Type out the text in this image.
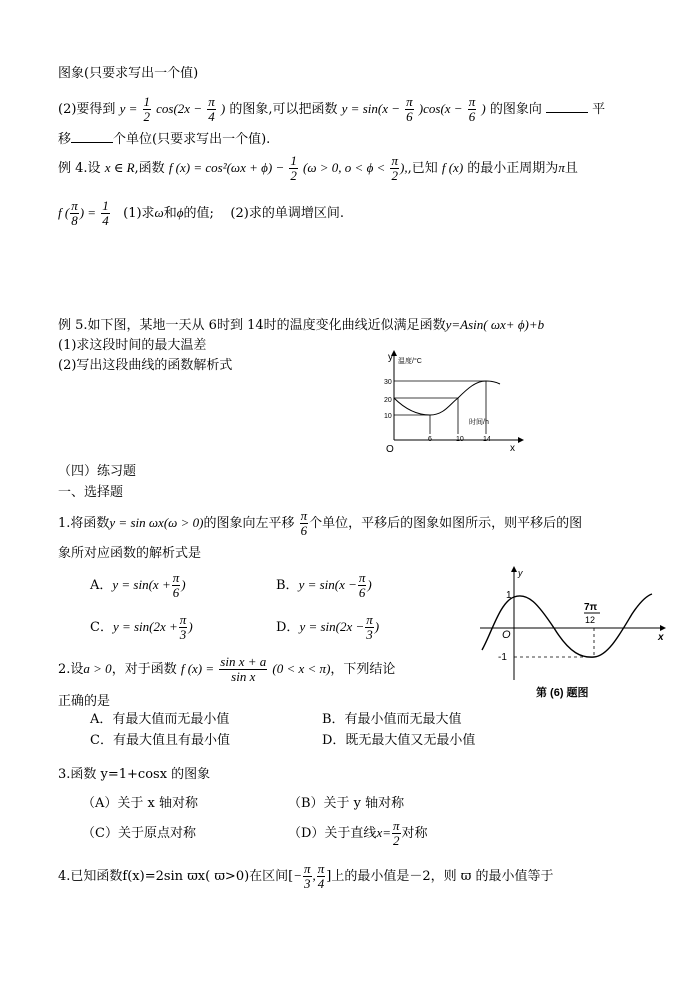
图象(只要求写出一个值)
(2)要得到 $y = \frac{1}{2} \cos(2x - \frac{\pi}{4}$ ) 的图象,可以把函数 $y = \sin(x - \frac{\pi}{6} )\cos(x - \frac{\pi}{6}$ ) 的图象向	平
移	个单位(只要求写出一个值).
例 4.设 x ∈ R,函数 f $(x) = \cos^2(\omega x + \phi) - \frac{1}{2} (\omega > 0$, $o < \phi < \frac{\pi}{2}$ ),,已知 f (x) 的最小正周期为π且
f ( $\frac{\pi}{8}$ ) = $\frac{1}{4} (1)$求ω和ϕ的值; (2)求的单调增区间.
例 5.如下图，某地一天从 6时到 14时的温度变化曲线近似满足函数y=Asin( ωx+ ϕ)+b
(1)求这段时间的最大温差
(2)写出这段曲线的函数解析式
y 温度/°C
时间/h
x
O
30
20
10
6	10	14
（四）练习题
一、选择题
1.将函数y = sin ωx(ω > 0)的图象向左平移 $\frac{\pi}{6}$ 个单位，平移后的图象如图所示，则平移后的图
象所对应函数的解析式是
A．$y = \sin(x + \frac{\pi}{6}$ )	B．$y = \sin(x - \frac{\pi}{6}$ )
C．$y = \sin(2x + \frac{\pi}{3}$ )	D．$y = \sin(2x - \frac{\pi}{3}$ )
y
x
O
1
-1
7π
12
第 (6) 题图
2.设a > 0，对于函数 f $(x) = \frac{\text{sin x + a}}{\text{sin x}} (0 < x < \pi)$，下列结论
正确的是
A．有最大值而无最小值	B．有最小值而无最大值
C．有最大值且有最小值	D．既无最大值又无最小值
3.函数 y=1+cosx 的图象
（A）关于 x 轴对称	（B）关于 y 轴对称
（C）关于原点对称	（D）关于直线$x= \frac{\pi}{2}$ 对称
4.已知函数f(x)=2sin ϖx( ϖ>0)在区间[− $\frac{\pi}{3}$ , $\frac{\pi}{4}$ ]上的最小值是－2，则 ϖ 的最小值等于
